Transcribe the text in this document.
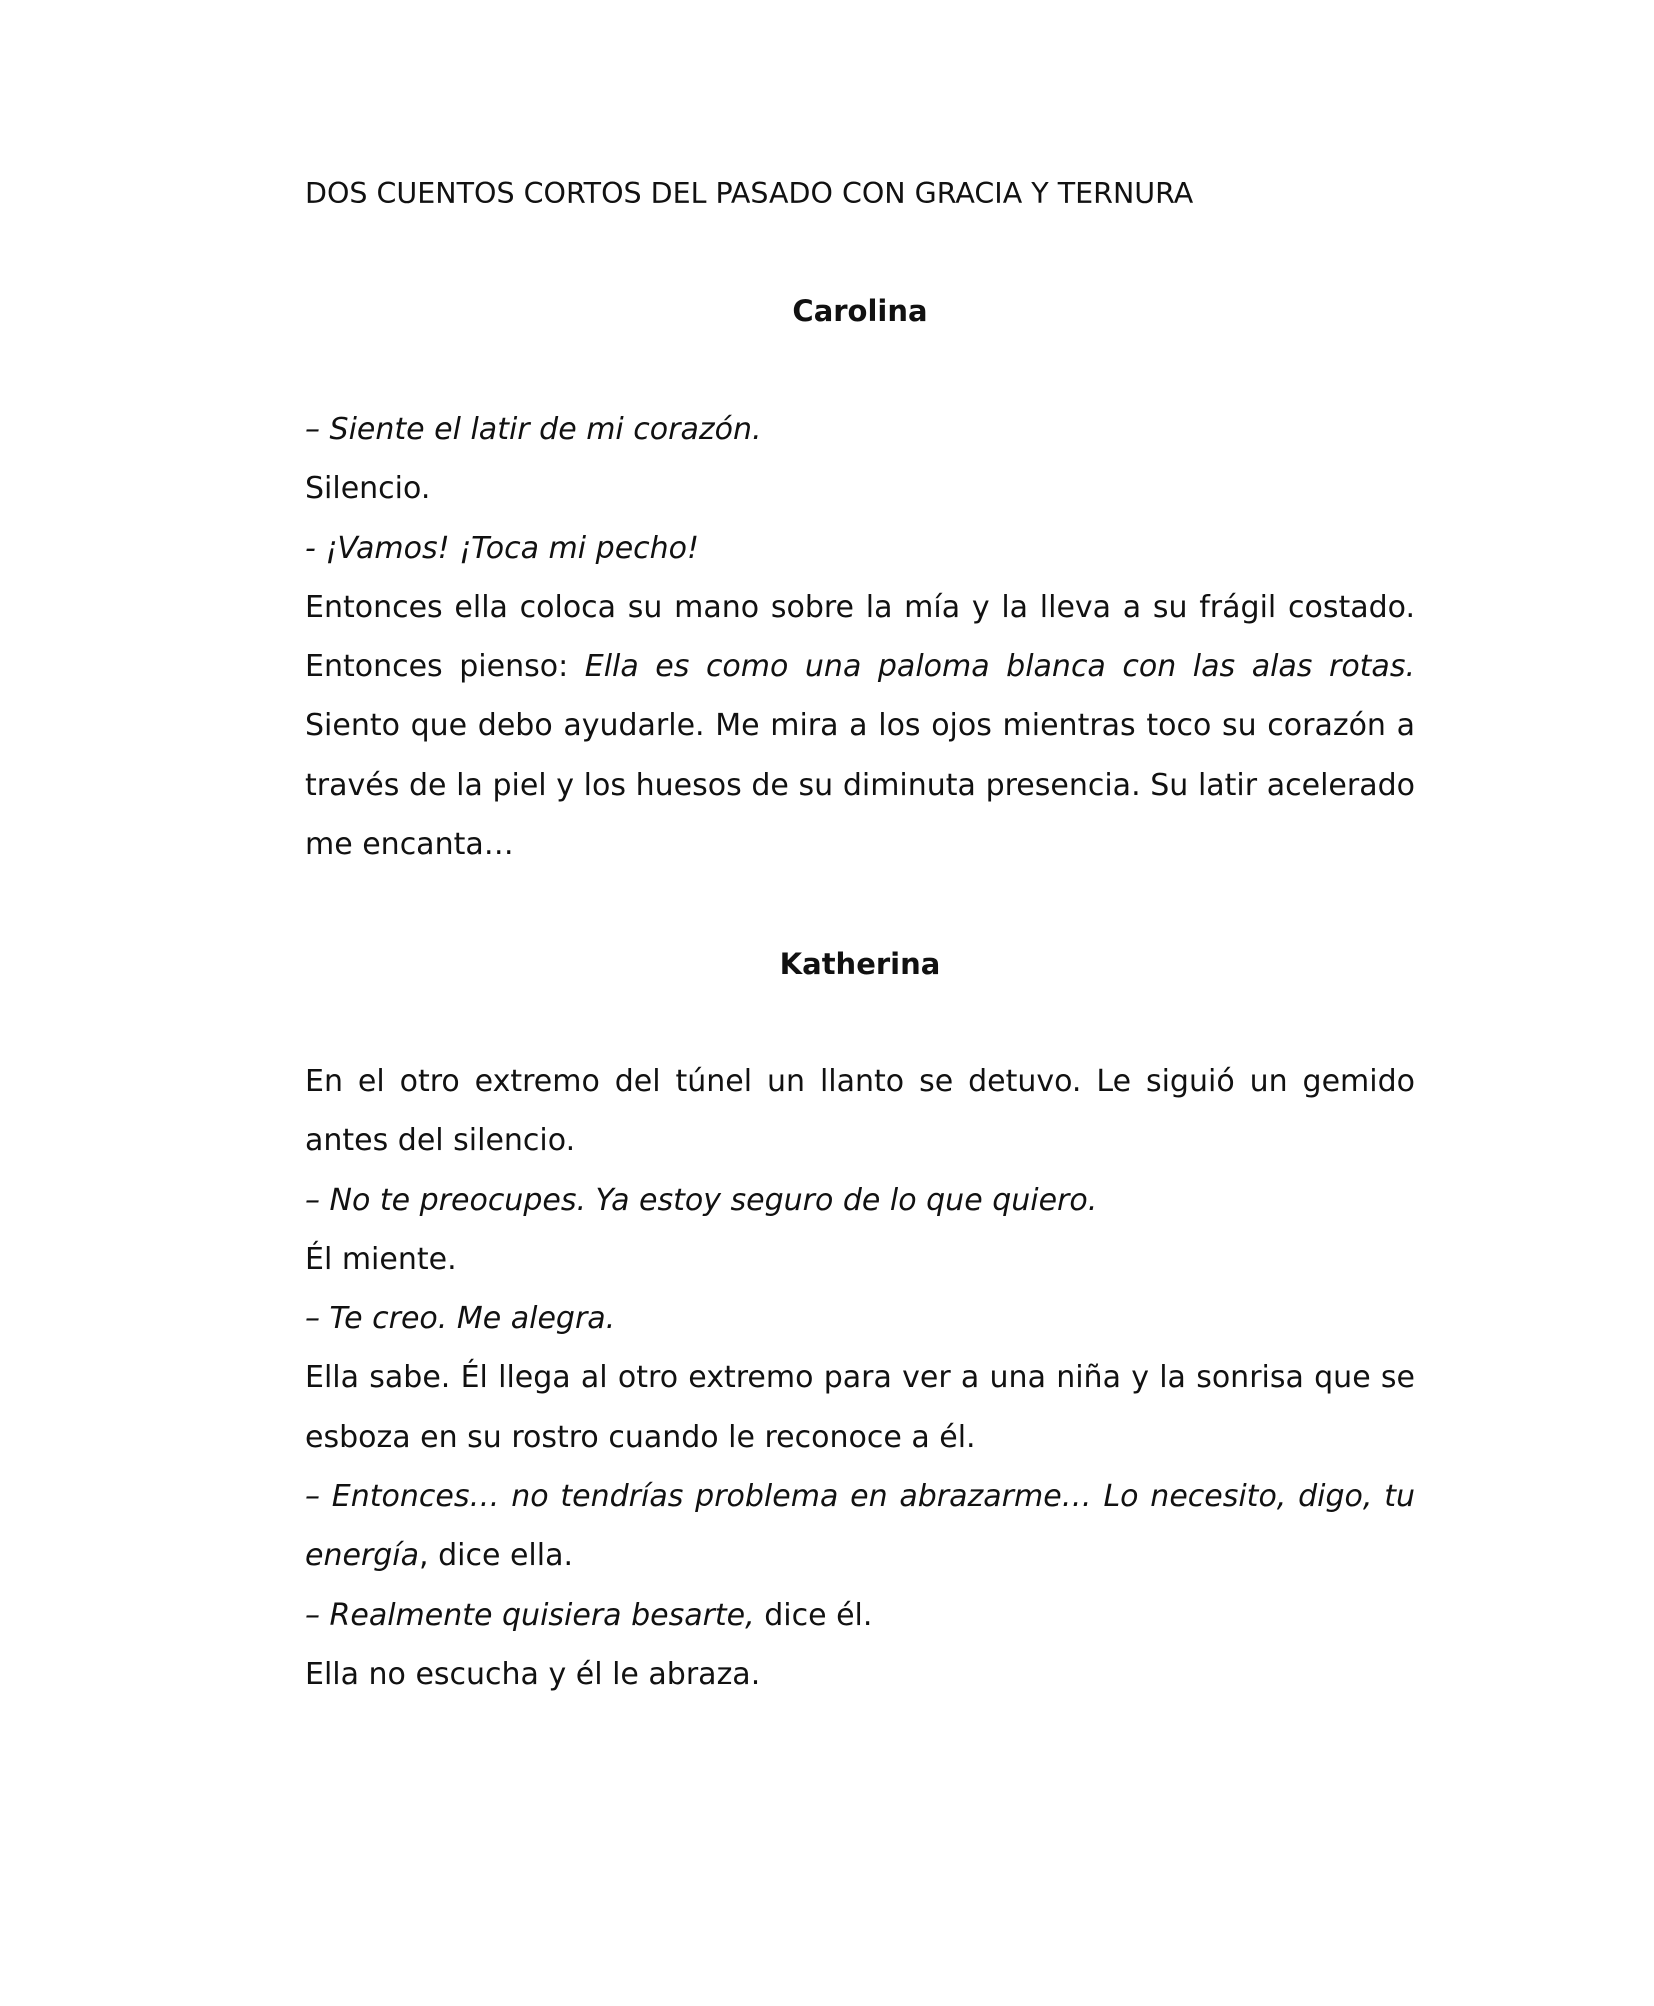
DOS CUENTOS CORTOS DEL PASADO CON GRACIA Y TERNURA
Carolina

– Siente el latir de mi corazón.

Silencio.

- ¡Vamos! ¡Toca mi pecho!

Entonces ella coloca su mano sobre la mía y la lleva a su frágil costado. Entonces pienso: Ella es como una paloma blanca con las alas rotas. Siento que debo ayudarle. Me mira a los ojos mientras toco su corazón a través de la piel y los huesos de su diminuta presencia. Su latir acelerado me encanta…

Katherina

En el otro extremo del túnel un llanto se detuvo. Le siguió un gemido antes del silencio.

– No te preocupes. Ya estoy seguro de lo que quiero.

Él miente.

– Te creo. Me alegra.

Ella sabe. Él llega al otro extremo para ver a una niña y la sonrisa que se esboza en su rostro cuando le reconoce a él.

– Entonces… no tendrías problema en abrazarme… Lo necesito, digo, tu energía, dice ella.

– Realmente quisiera besarte, dice él.

Ella no escucha y él le abraza.
